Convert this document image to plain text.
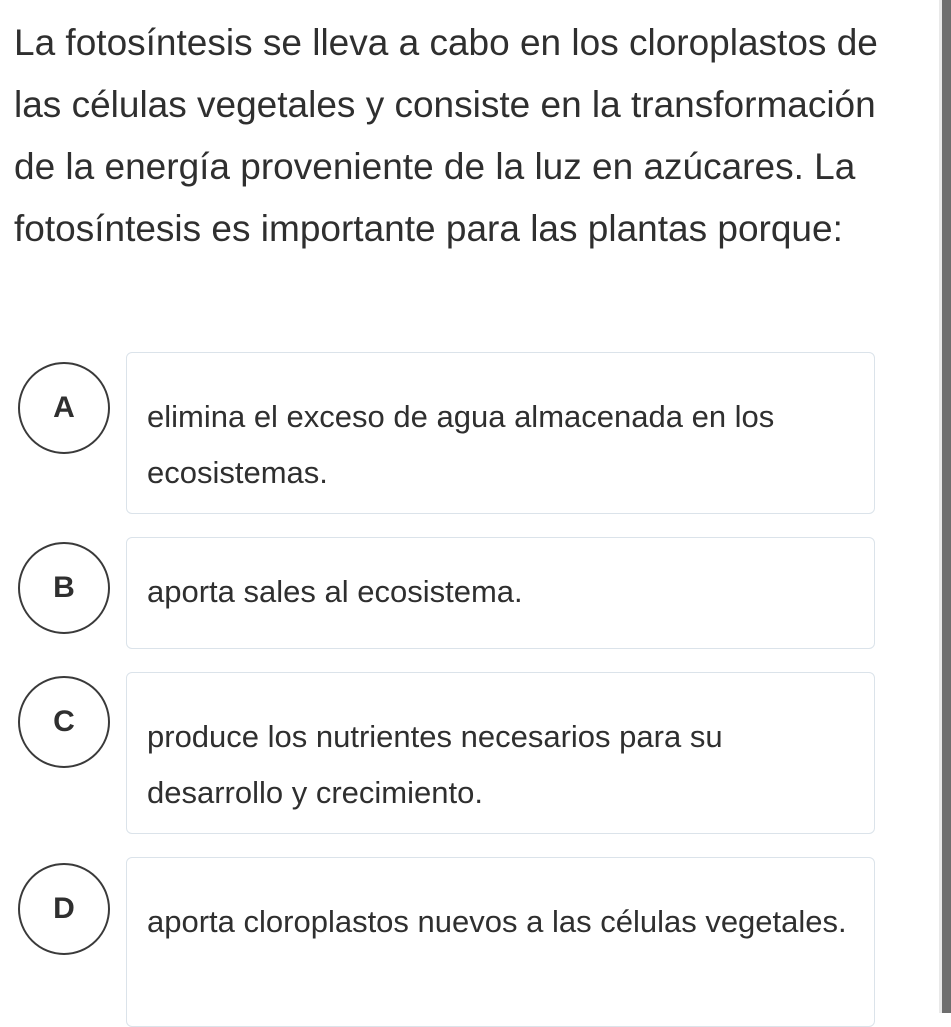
La fotosíntesis se lleva a cabo en los cloroplastos de las células vegetales y consiste en la transformación de la energía proveniente de la luz en azúcares. La fotosíntesis es importante para las plantas porque:

A	elimina el exceso de agua almacenada en los ecosistemas.
B	aporta sales al ecosistema.
C	produce los nutrientes necesarios para su desarrollo y crecimiento.
D	aporta cloroplastos nuevos a las células vegetales.
